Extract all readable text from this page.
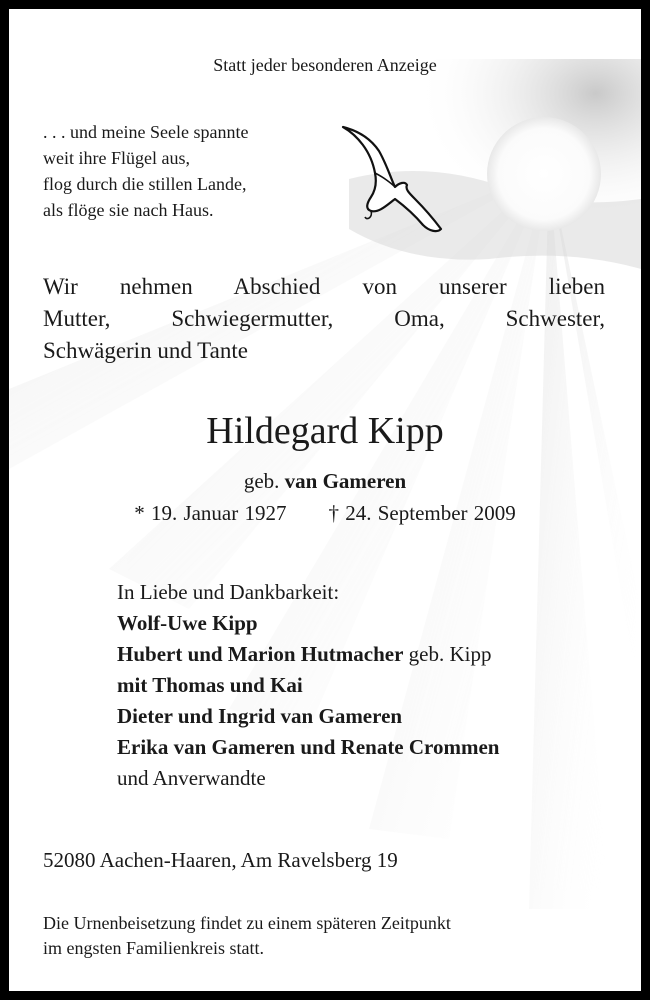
Statt jeder besonderen Anzeige
. . . und meine Seele spannte
weit ihre Flügel aus,
flog durch die stillen Lande,
als flöge sie nach Haus.
Wir nehmen Abschied von unserer lieben
Mutter, Schwiegermutter, Oma, Schwester,
Schwägerin und Tante
Hildegard Kipp
geb. van Gameren
* 19. Januar 1927 † 24. September 2009
In Liebe und Dankbarkeit:
Wolf-Uwe Kipp
Hubert und Marion Hutmacher geb. Kipp
mit Thomas und Kai
Dieter und Ingrid van Gameren
Erika van Gameren und Renate Crommen
und Anverwandte
52080 Aachen-Haaren, Am Ravelsberg 19
Die Urnenbeisetzung findet zu einem späteren Zeitpunkt
im engsten Familienkreis statt.
